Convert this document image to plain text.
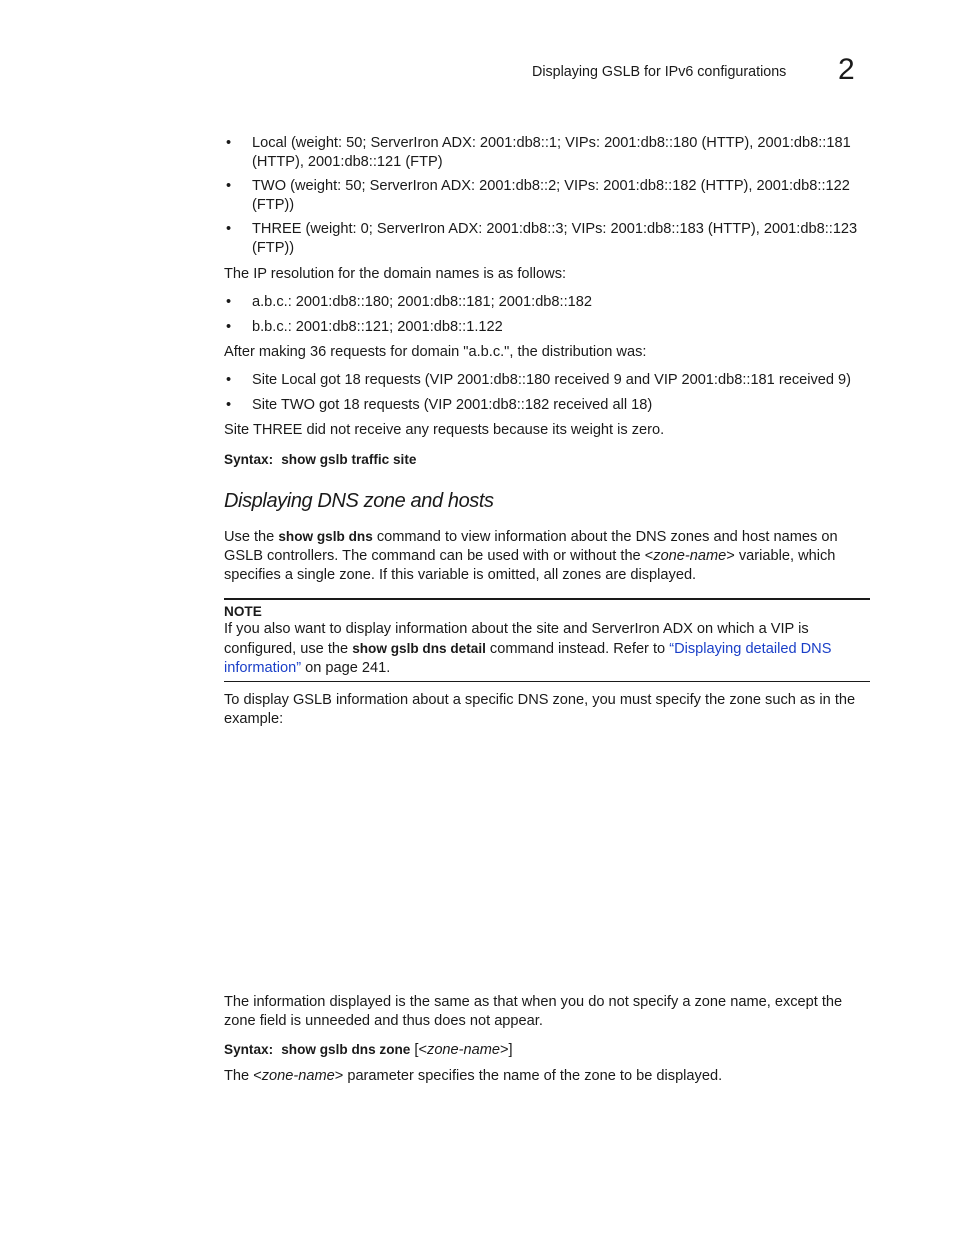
Displaying GSLB for IPv6 configurations 2
• Local (weight: 50; ServerIron ADX: 2001:db8::1; VIPs: 2001:db8::180 (HTTP), 2001:db8::181 (HTTP), 2001:db8::121 (FTP)
• TWO (weight: 50; ServerIron ADX: 2001:db8::2; VIPs: 2001:db8::182 (HTTP), 2001:db8::122 (FTP))
• THREE (weight: 0; ServerIron ADX: 2001:db8::3; VIPs: 2001:db8::183 (HTTP), 2001:db8::123 (FTP))
The IP resolution for the domain names is as follows:
• a.b.c.: 2001:db8::180; 2001:db8::181; 2001:db8::182
• b.b.c.: 2001:db8::121; 2001:db8::1.122
After making 36 requests for domain "a.b.c.", the distribution was:
• Site Local got 18 requests (VIP 2001:db8::180 received 9 and VIP 2001:db8::181 received 9)
• Site TWO got 18 requests (VIP 2001:db8::182 received all 18)
Site THREE did not receive any requests because its weight is zero.
Syntax: show gslb traffic site
Displaying DNS zone and hosts
Use the show gslb dns command to view information about the DNS zones and host names on GSLB controllers. The command can be used with or without the <zone-name> variable, which specifies a single zone. If this variable is omitted, all zones are displayed.
NOTE
If you also want to display information about the site and ServerIron ADX on which a VIP is configured, use the show gslb dns detail command instead. Refer to “Displaying detailed DNS information” on page 241.
To display GSLB information about a specific DNS zone, you must specify the zone such as in the example:
The information displayed is the same as that when you do not specify a zone name, except the zone field is unneeded and thus does not appear.
Syntax: show gslb dns zone [<zone-name>]
The <zone-name> parameter specifies the name of the zone to be displayed.
